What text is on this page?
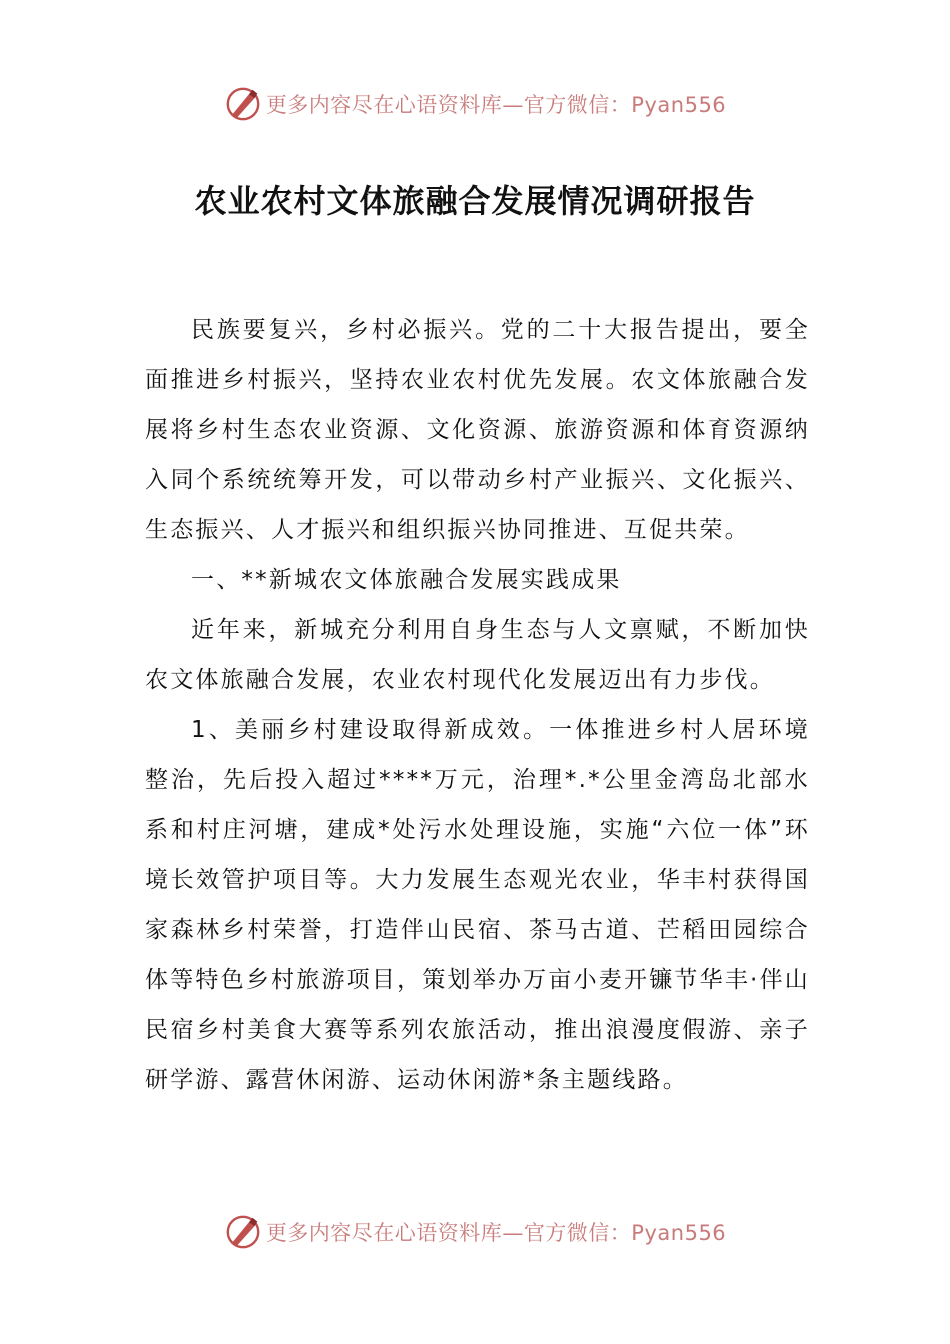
更多内容尽在心语资料库—官方微信：Pyan556
农业农村文体旅融合发展情况调研报告

民族要复兴，乡村必振兴。党的二十大报告提出，要全面推进乡村振兴，坚持农业农村优先发展。农文体旅融合发展将乡村生态农业资源、文化资源、旅游资源和体育资源纳入同个系统统筹开发，可以带动乡村产业振兴、文化振兴、生态振兴、人才振兴和组织振兴协同推进、互促共荣。

一、**新城农文体旅融合发展实践成果

近年来，新城充分利用自身生态与人文禀赋，不断加快农文体旅融合发展，农业农村现代化发展迈出有力步伐。

1、美丽乡村建设取得新成效。一体推进乡村人居环境整治，先后投入超过****万元，治理*.*公里金湾岛北部水系和村庄河塘，建成*处污水处理设施，实施“六位一体”环境长效管护项目等。大力发展生态观光农业，华丰村获得国家森林乡村荣誉，打造伴山民宿、茶马古道、芒稻田园综合体等特色乡村旅游项目，策划举办万亩小麦开镰节华丰·伴山民宿乡村美食大赛等系列农旅活动，推出浪漫度假游、亲子研学游、露营休闲游、运动休闲游*条主题线路。

更多内容尽在心语资料库—官方微信：Pyan556
